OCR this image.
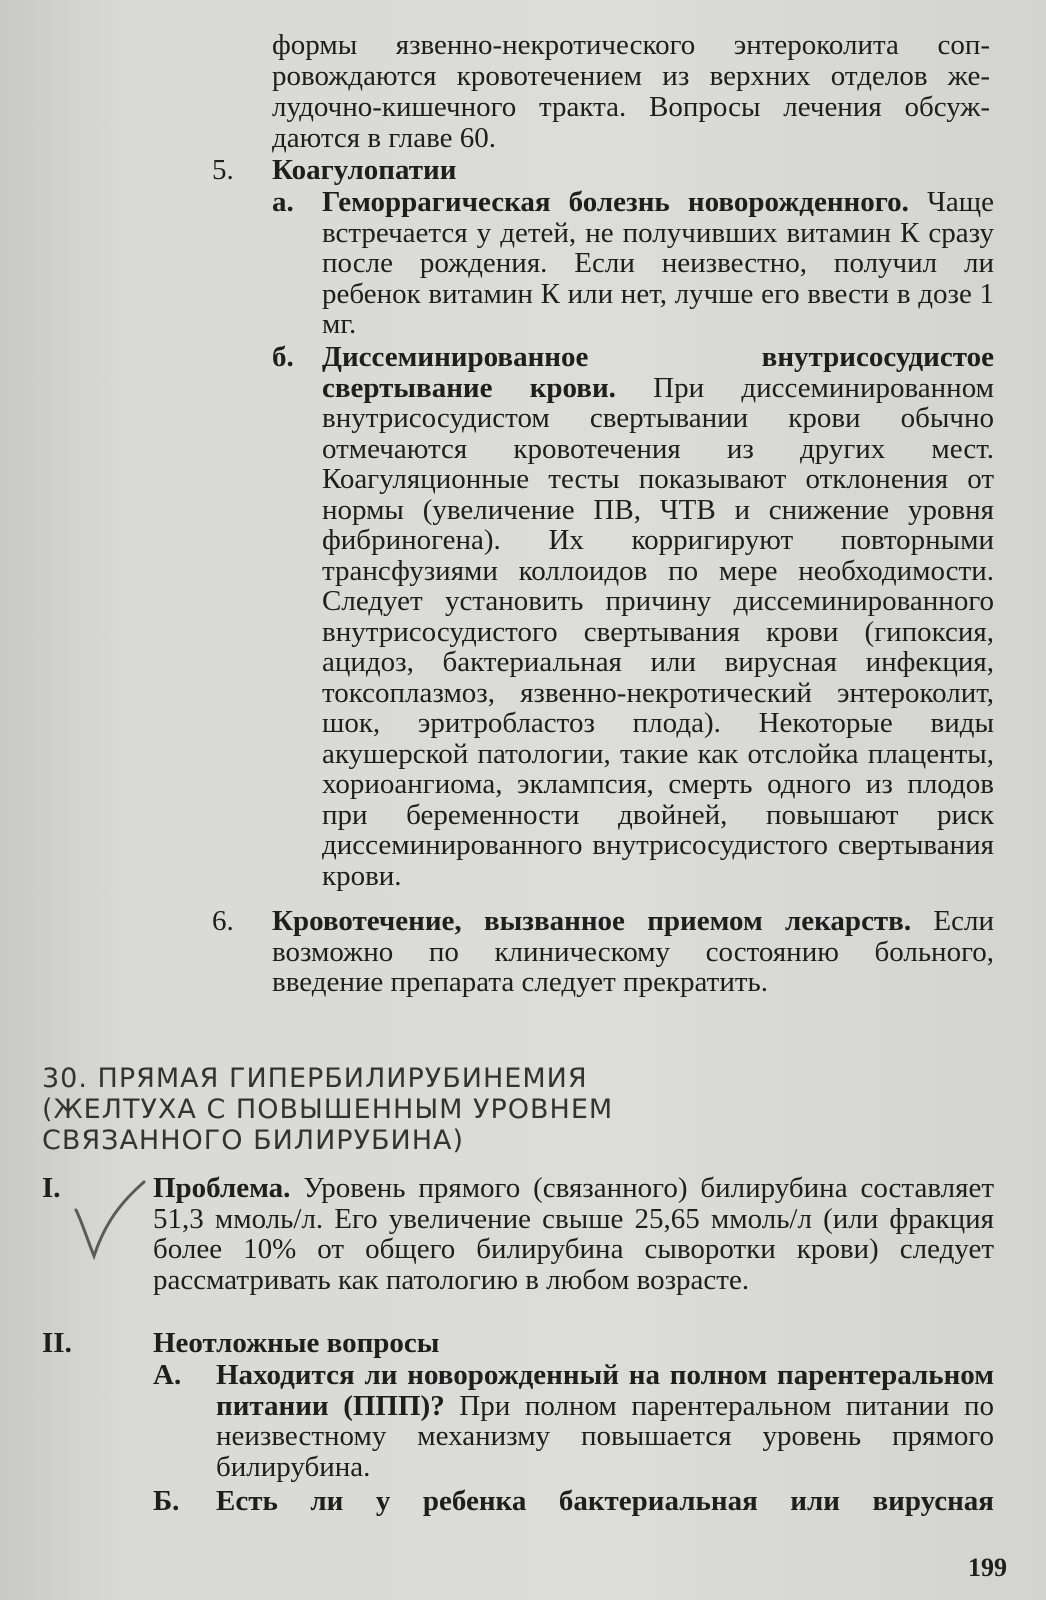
формы язвенно-некротического энтероколита соп-
ровождаются кровотечением из верхних отделов же-
лудочно-кишечного тракта. Вопросы лечения обсуж-
даются в главе 60.
5. Коагулопатии
а. Геморрагическая болезнь новорожденного. Чаще встречается у детей, не получивших витамин К сразу после рождения. Если неизвестно, получил ли ребенок витамин К или нет, лучше его ввести в дозе 1 мг.

б. Диссеминированное внутрисосудистое свертывание крови. При диссеминированном внутрисосудистом свертывании крови обычно отмечаются кровотечения из других мест. Коагуляционные тесты показывают отклонения от нормы (увеличение ПВ, ЧТВ и снижение уровня фибриногена). Их корригируют повторными трансфузиями коллоидов по мере необходимости. Следует установить причину диссеминированного внутрисосудистого свертывания крови (гипоксия, ацидоз, бактериальная или вирусная инфекция, токсоплазмоз, язвенно-некротический энтероколит, шок, эритробластоз плода). Некоторые виды акушерской патологии, такие как отслойка плаценты, хориоангиома, эклампсия, смерть одного из плодов при беременности двойней, повышают риск диссеминированного внутрисосудистого свертывания крови.

6. Кровотечение, вызванное приемом лекарств. Если возможно по клиническому состоянию больного, введение препарата следует прекратить.

30. ПРЯМАЯ ГИПЕРБИЛИРУБИНЕМИЯ
(ЖЕЛТУХА С ПОВЫШЕННЫМ УРОВНЕМ
СВЯЗАННОГО БИЛИРУБИНА)
I.	Проблема. Уровень прямого (связанного) билирубина составляет 51,3 ммоль/л. Его увеличение свыше 25,65 ммоль/л (или фракция более 10% от общего билирубина сыворотки крови) следует рассматривать как патологию в любом возрасте.

II.	Неотложные вопросы
А. Находится ли новорожденный на полном парентеральном питании (ППП)? При полном парентеральном питании по неизвестному механизму повышается уровень прямого билирубина.

Б. Есть ли у ребенка бактериальная или вирусная
199
